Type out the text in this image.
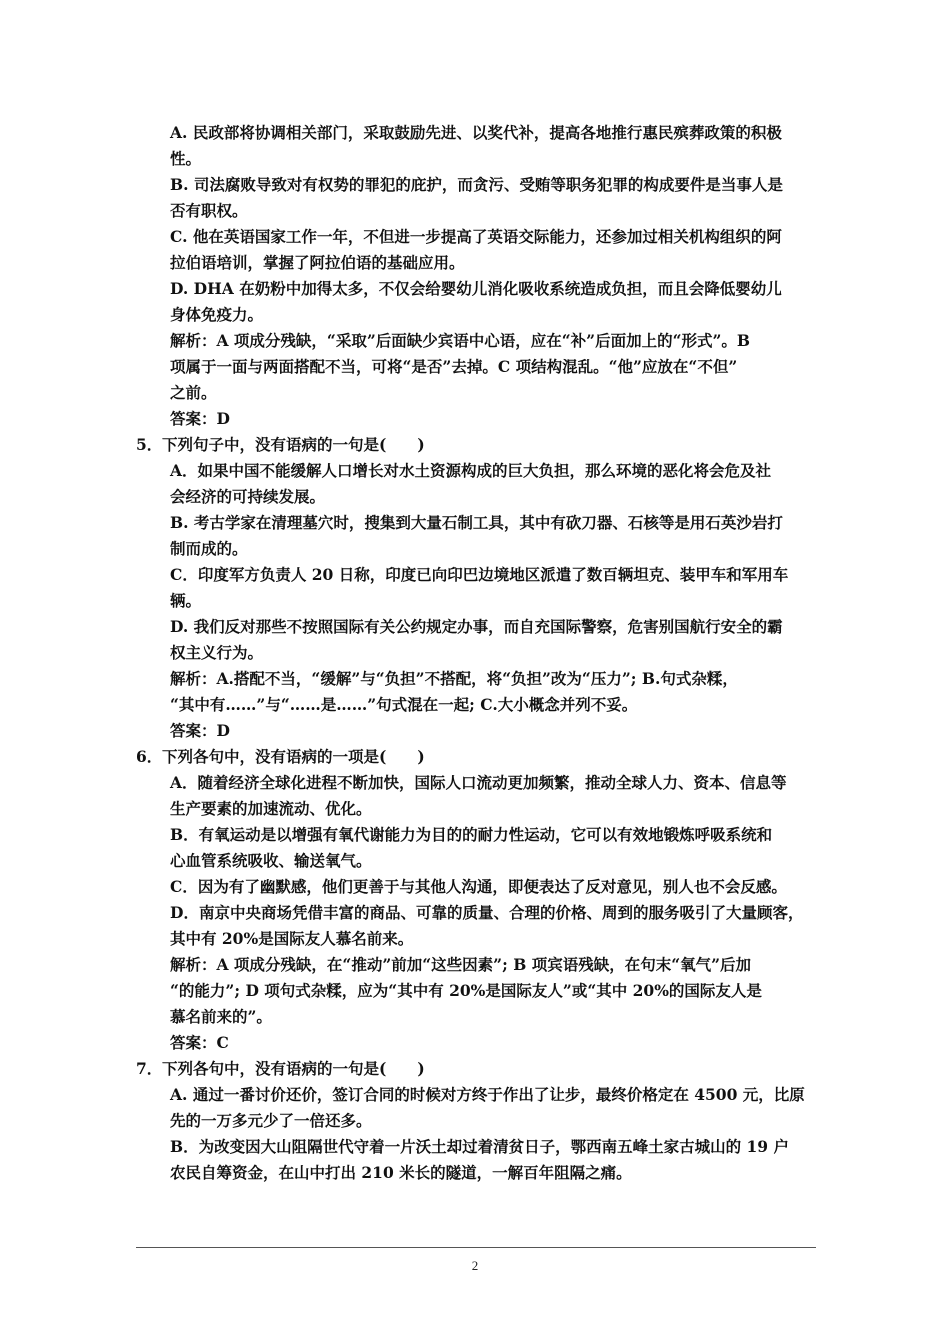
A. 民政部将协调相关部门，采取鼓励先进、以奖代补，提高各地推行惠民殡葬政策的积极
性。
B. 司法腐败导致对有权势的罪犯的庇护，而贪污、受贿等职务犯罪的构成要件是当事人是
否有职权。
C. 他在英语国家工作一年，不但进一步提高了英语交际能力，还参加过相关机构组织的阿
拉伯语培训，掌握了阿拉伯语的基础应用。
D. DHA 在奶粉中加得太多，不仅会给婴幼儿消化吸收系统造成负担，而且会降低婴幼儿
身体免疫力。
解析：A 项成分残缺，“采取”后面缺少宾语中心语，应在“补”后面加上的“形式”。B
项属于一面与两面搭配不当，可将“是否”去掉。C 项结构混乱。“他”应放在“不但”
之前。
答案：D
5．下列句子中，没有语病的一句是(　　)
A．如果中国不能缓解人口增长对水土资源构成的巨大负担，那么环境的恶化将会危及社
会经济的可持续发展。
B. 考古学家在清理墓穴时，搜集到大量石制工具，其中有砍刀器、石核等是用石英沙岩打
制而成的。
C．印度军方负责人 20 日称，印度已向印巴边境地区派遣了数百辆坦克、装甲车和军用车
辆。
D. 我们反对那些不按照国际有关公约规定办事，而自充国际警察，危害别国航行安全的霸
权主义行为。
解析：A.搭配不当，“缓解”与“负担”不搭配，将“负担”改为“压力”; B.句式杂糅，
“其中有……”与“……是……”句式混在一起; C.大小概念并列不妥。
答案：D
6．下列各句中，没有语病的一项是(　　)
A．随着经济全球化进程不断加快，国际人口流动更加频繁，推动全球人力、资本、信息等
生产要素的加速流动、优化。
B．有氧运动是以增强有氧代谢能力为目的的耐力性运动，它可以有效地锻炼呼吸系统和
心血管系统吸收、输送氧气。
C．因为有了幽默感，他们更善于与其他人沟通，即便表达了反对意见，别人也不会反感。
D．南京中央商场凭借丰富的商品、可靠的质量、合理的价格、周到的服务吸引了大量顾客，
其中有 20%是国际友人慕名前来。
解析：A 项成分残缺，在“推动”前加“这些因素”; B 项宾语残缺，在句末“氧气”后加
“的能力”; D 项句式杂糅，应为“其中有 20%是国际友人”或“其中 20%的国际友人是
慕名前来的”。
答案：C
7．下列各句中，没有语病的一句是(　　)
A. 通过一番讨价还价，签订合同的时候对方终于作出了让步，最终价格定在 4500 元，比原
先的一万多元少了一倍还多。
B．为改变因大山阻隔世代守着一片沃土却过着清贫日子，鄂西南五峰土家古城山的 19 户
农民自筹资金，在山中打出 210 米长的隧道，一解百年阻隔之痛。
2
